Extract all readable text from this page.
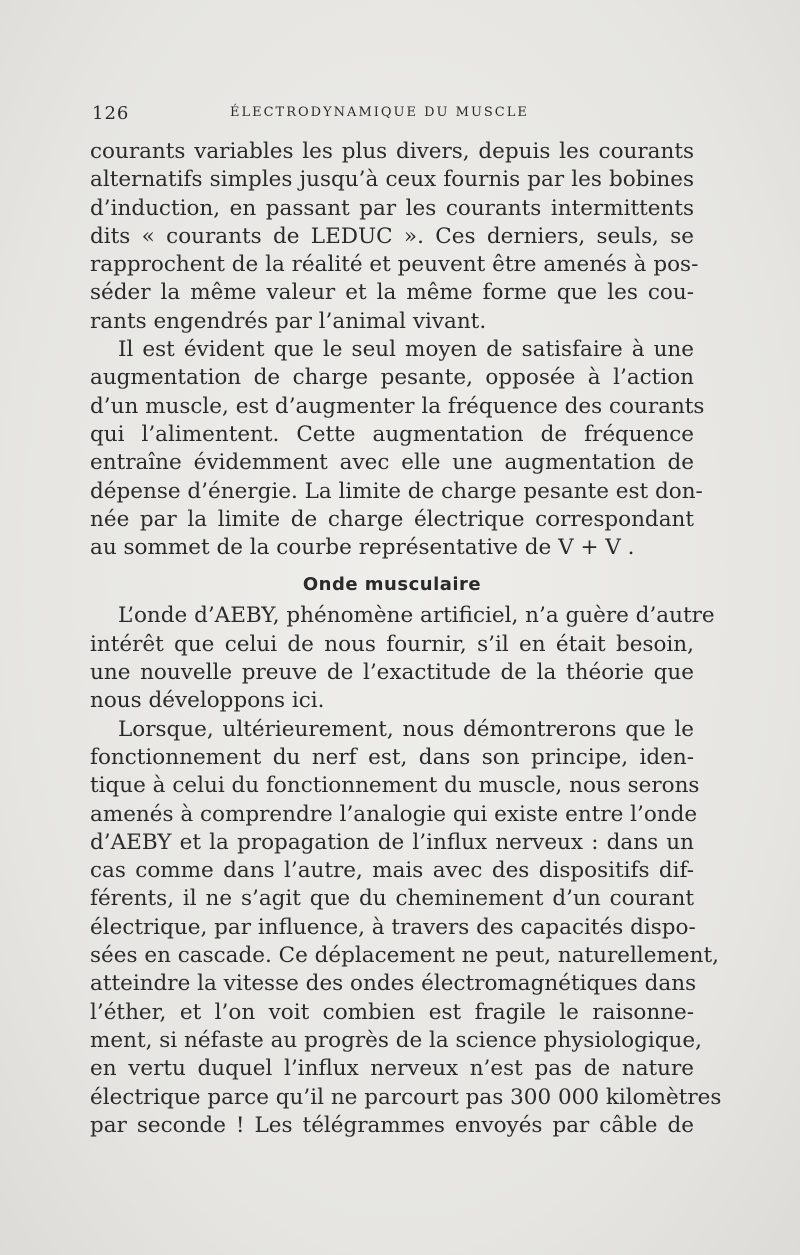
126	ÉLECTRODYNAMIQUE DU MUSCLE
courants variables les plus divers, depuis les courants
alternatifs simples jusqu’à ceux fournis par les bobines
d’induction, en passant par les courants intermittents
dits « courants de LEDUC ». Ces derniers, seuls, se
rapprochent de la réalité et peuvent être amenés à pos-
séder la même valeur et la même forme que les cou-
rants engendrés par l’animal vivant.
Il est évident que le seul moyen de satisfaire à une
augmentation de charge pesante, opposée à l’action
d’un muscle, est d’augmenter la fréquence des courants
qui l’alimentent. Cette augmentation de fréquence
entraîne évidemment avec elle une augmentation de
dépense d’énergie. La limite de charge pesante est don-
née par la limite de charge électrique correspondant
au sommet de la courbe représentative de V + V .
Onde musculaire
L’onde d’AEBY, phénomène artificiel, n’a guère d’autre
intérêt que celui de nous fournir, s’il en était besoin,
une nouvelle preuve de l’exactitude de la théorie que
nous développons ici.
Lorsque, ultérieurement, nous démontrerons que le
fonctionnement du nerf est, dans son principe, iden-
tique à celui du fonctionnement du muscle, nous serons
amenés à comprendre l’analogie qui existe entre l’onde
d’AEBY et la propagation de l’influx nerveux : dans un
cas comme dans l’autre, mais avec des dispositifs dif-
férents, il ne s’agit que du cheminement d’un courant
électrique, par influence, à travers des capacités dispo-
sées en cascade. Ce déplacement ne peut, naturellement,
atteindre la vitesse des ondes électromagnétiques dans
l’éther, et l’on voit combien est fragile le raisonne-
ment, si néfaste au progrès de la science physiologique,
en vertu duquel l’influx nerveux n’est pas de nature
électrique parce qu’il ne parcourt pas 300 000 kilomètres
par seconde ! Les télégrammes envoyés par câble de
